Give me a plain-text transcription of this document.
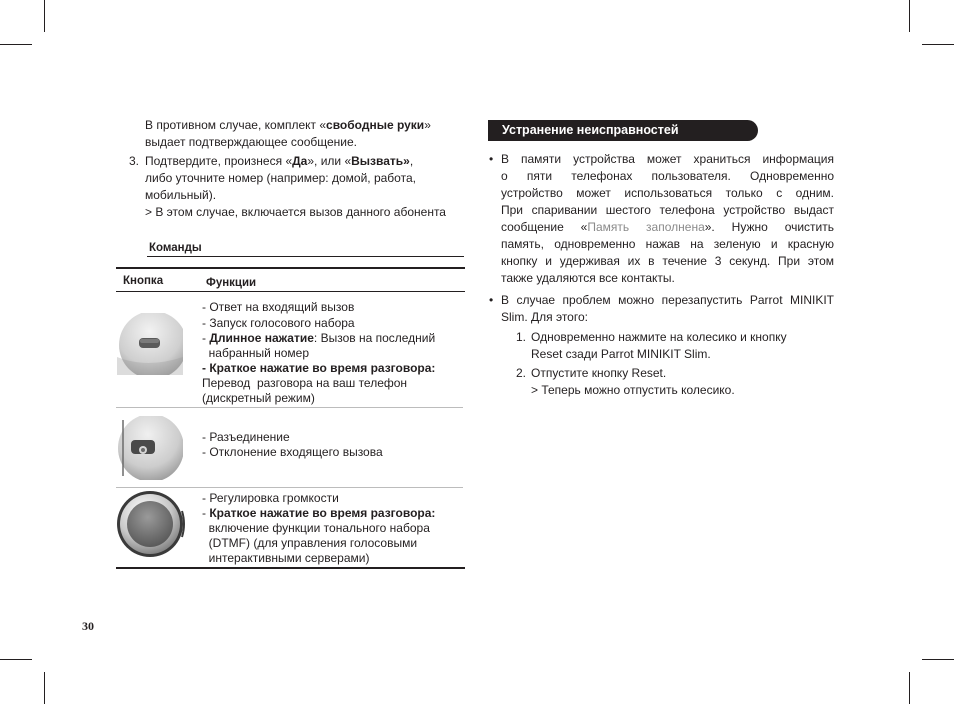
В противном случае, комплект «свободные руки»
выдает подтверждающее сообщение.
3. Подтвердите, произнеся «Да», или «Вызвать»,
либо уточните номер (например: домой, работа,
мобильный).
> В этом случае, включается вызов данного абонента
Команды
Кнопка	Функции
- Ответ на входящий вызов
- Запуск голосового набора
- Длинное нажатие: Вызов на последний
набранный номер
- Краткое нажатие во время разговора:
Перевод  разговора на ваш телефон
(дискретный режим)
- Разъединение
- Отклонение входящего вызова
- Регулировка громкости
- Краткое нажатие во время разговора:
включение функции тонального набора
(DTMF) (для управления голосовыми
интерактивными серверами)
30
Устранение неисправностей
• В памяти устройства может храниться информация
о пяти телефонах пользователя. Одновременно
устройство может использоваться только с одним.
При спаривании шестого телефона устройство выдаст
сообщение «Память заполнена». Нужно очистить
память, одновременно нажав на зеленую и красную
кнопку и удерживая их в течение 3 секунд. При этом
также удаляются все контакты.
• В случае проблем можно перезапустить Parrot MINIKIT
Slim. Для этого:
1. Одновременно нажмите на колесико и кнопку
Reset сзади Parrot MINIKIT Slim.
2. Отпустите кнопку Reset.
> Теперь можно отпустить колесико.
